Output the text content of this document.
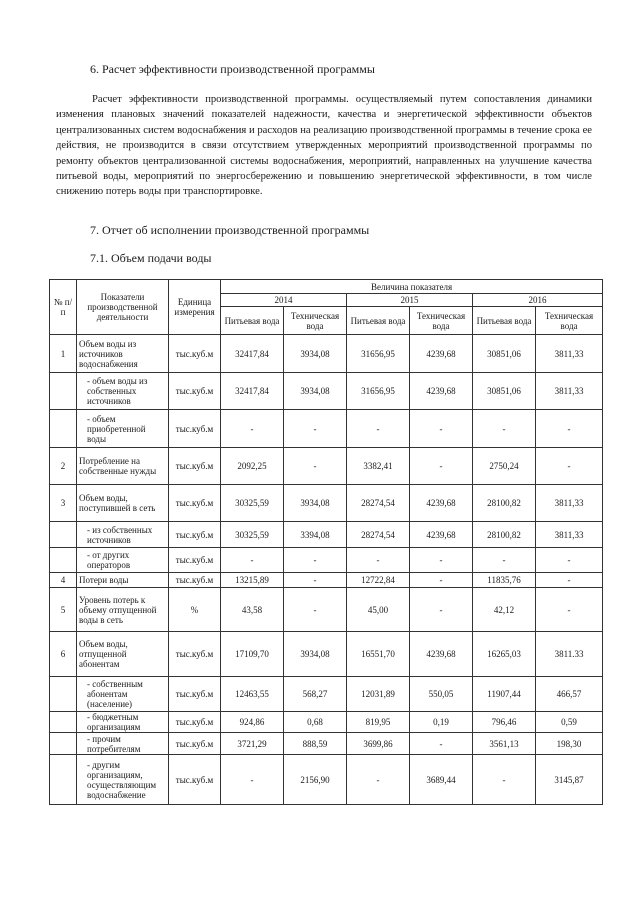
6. Расчет эффективности производственной программы
Расчет эффективности производственной программы. осуществляемый путем сопоставления динамики изменения плановых значений показателей надежности, качества и энергетической эффективности объектов централизованных систем водоснабжения и расходов на реализацию производственной программы в течение срока ее действия, не производится в связи отсутствием утвержденных мероприятий производственной программы по ремонту объектов централизованной системы водоснабжения, мероприятий, направленных на улучшение качества питьевой воды, мероприятий по энергосбережению и повышению энергетической эффективности, в том числе снижению потерь воды при транспортировке.
7. Отчет об исполнении производственной программы
7.1. Объем подачи воды
№ п/п	Показатели производственной деятельности	Единица измерения	Величина показателя					
			2014		2015		2016	
			Питьевая вода	Техническая вода	Питьевая вода	Техническая вода	Питьевая вода	Техническая вода
1	Объем воды из источников водоснабжения	тыс.куб.м	32417,84	3934,08	31656,95	4239,68	30851,06	3811,33
	- объем воды из собственных источников	тыс.куб.м	32417,84	3934,08	31656,95	4239,68	30851,06	3811,33
	- объем приобретенной воды	тыс.куб.м	-	-	-	-	-	-
2	Потребление на собственные нужды	тыс.куб.м	2092,25	-	3382,41	-	2750,24	-
3	Объем воды, поступившей в сеть	тыс.куб.м	30325,59	3934,08	28274,54	4239,68	28100,82	3811,33
	- из собственных источников	тыс.куб.м	30325,59	3394,08	28274,54	4239,68	28100,82	3811,33
	- от других операторов	тыс.куб.м	-	-	-	-	-	-
4	Потери воды	тыс.куб.м	13215,89	-	12722,84	-	11835,76	-
5	Уровень потерь к объему отпущенной воды в сеть	%	43,58	-	45,00	-	42,12	-
6	Объем воды, отпущенной абонентам	тыс.куб.м	17109,70	3934,08	16551,70	4239,68	16265,03	3811.33
	- собственным абонентам (население)	тыс.куб.м	12463,55	568,27	12031,89	550,05	11907,44	466,57
	- бюджетным организациям	тыс.куб.м	924,86	0,68	819,95	0,19	796,46	0,59
	- прочим потребителям	тыс.куб.м	3721,29	888,59	3699,86	-	3561,13	198,30
	- другим организациям, осуществляющим водоснабжение	тыс.куб.м	-	2156,90	-	3689,44	-	3145,87
